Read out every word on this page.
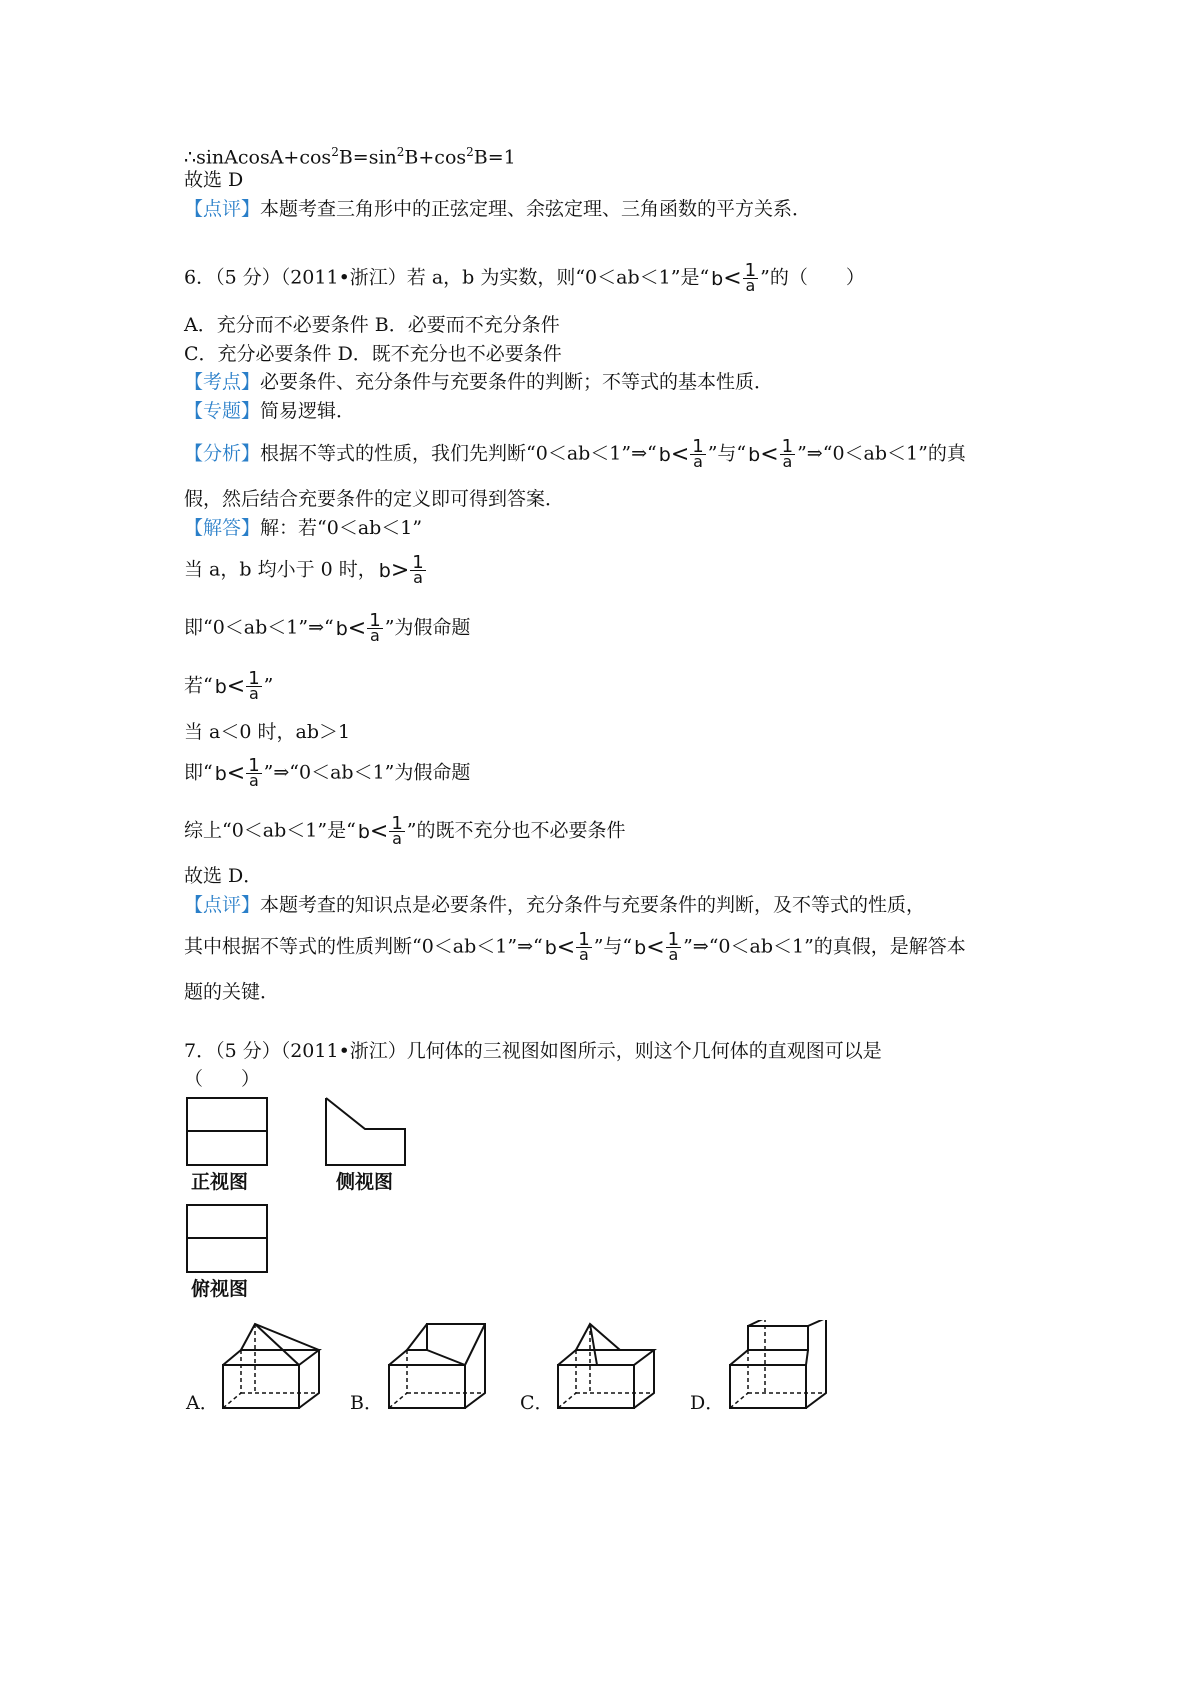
$\therefore sinAcosA+\cos^2B=\sin^2B+\cos^2B=1$
故选 D
【点评】本题考查三角形中的正弦定理、余弦定理、三角函数的平方关系．
6．（5 分）（2011•浙江）若 a，b 为实数，则“0＜ab＜1”是“ $b < \frac{1}{a}$ ”的（　　）
A．充分而不必要条件 B．必要而不充分条件
C．充分必要条件 D．既不充分也不必要条件
【考点】必要条件、充分条件与充要条件的判断；不等式的基本性质．
【专题】简易逻辑．
【分析】根据不等式的性质，我们先判断“0＜ab＜1”⇒“ $b < \frac{1}{a}$ ”与“ $b < \frac{1}{a}$ ”⇒“0＜ab＜1”的真
假，然后结合充要条件的定义即可得到答案．
【解答】解：若“0＜ab＜1”
当 a，b 均小于 0 时， $b > \frac{1}{a}$
即“0＜ab＜1”⇒“ $b < \frac{1}{a}$ ”为假命题
若“ $b < \frac{1}{a}$ ”
当 a＜0 时，ab＞1
即“ $b < \frac{1}{a}$ ”⇒“0＜ab＜1”为假命题
综上“0＜ab＜1”是“ $b < \frac{1}{a}$ ”的既不充分也不必要条件
故选 D．
【点评】本题考查的知识点是必要条件，充分条件与充要条件的判断，及不等式的性质，
其中根据不等式的性质判断“0＜ab＜1”⇒“ $b < \frac{1}{a}$ ”与“ $b < \frac{1}{a}$ ”⇒“0＜ab＜1”的真假，是解答本
题的关键．
7．（5 分）（2011•浙江）几何体的三视图如图所示，则这个几何体的直观图可以是
（　　）
正视图	侧视图
俯视图
A．	B．	C．	D．
